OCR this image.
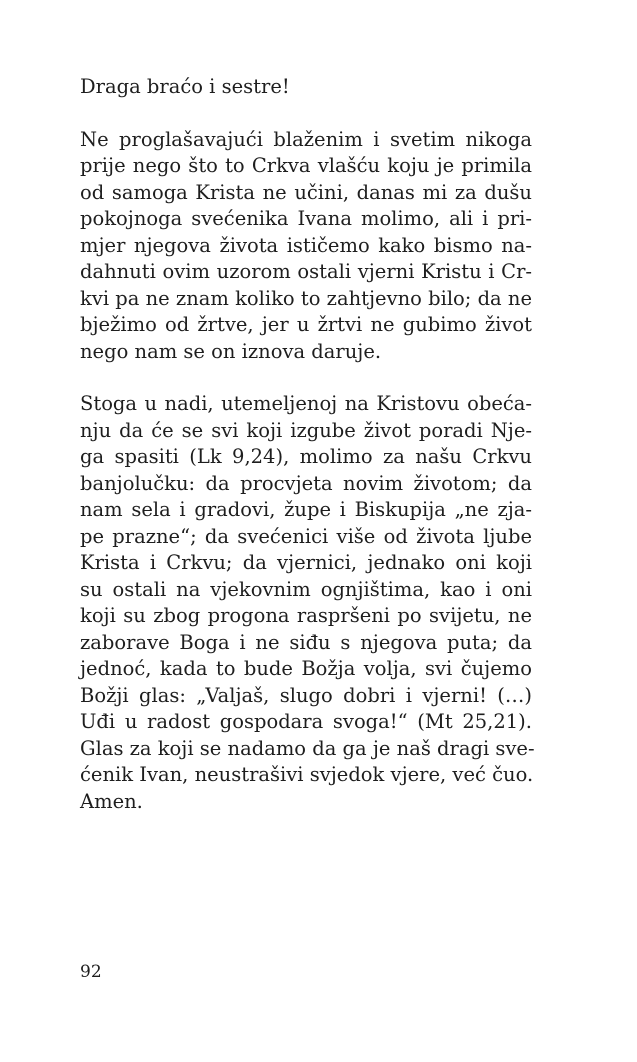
Draga braćo i sestre!

Ne proglašavajući blaženim i svetim nikoga
prije nego što to Crkva vlašću koju je primila
od samoga Krista ne učini, danas mi za dušu
pokojnoga svećenika Ivana molimo, ali i pri-
mjer njegova života ističemo kako bismo na-
dahnuti ovim uzorom ostali vjerni Kristu i Cr-
kvi pa ne znam koliko to zahtjevno bilo; da ne
bježimo od žrtve, jer u žrtvi ne gubimo život
nego nam se on iznova daruje.

Stoga u nadi, utemeljenoj na Kristovu obeća-
nju da će se svi koji izgube život poradi Nje-
ga spasiti (Lk 9,24), molimo za našu Crkvu
banjolučku: da procvjeta novim životom; da
nam sela i gradovi, župe i Biskupija „ne zja-
pe prazne“; da svećenici više od života ljube
Krista i Crkvu; da vjernici, jednako oni koji
su ostali na vjekovnim ognjištima, kao i oni
koji su zbog progona raspršeni po svijetu, ne
zaborave Boga i ne siđu s njegova puta; da
jednoć, kada to bude Božja volja, svi čujemo
Božji glas: „Valjaš, slugo dobri i vjerni! (…)
Uđi u radost gospodara svoga!“ (Mt 25,21).
Glas za koji se nadamo da ga je naš dragi sve-
ćenik Ivan, neustrašivi svjedok vjere, već čuo.
Amen.

92
